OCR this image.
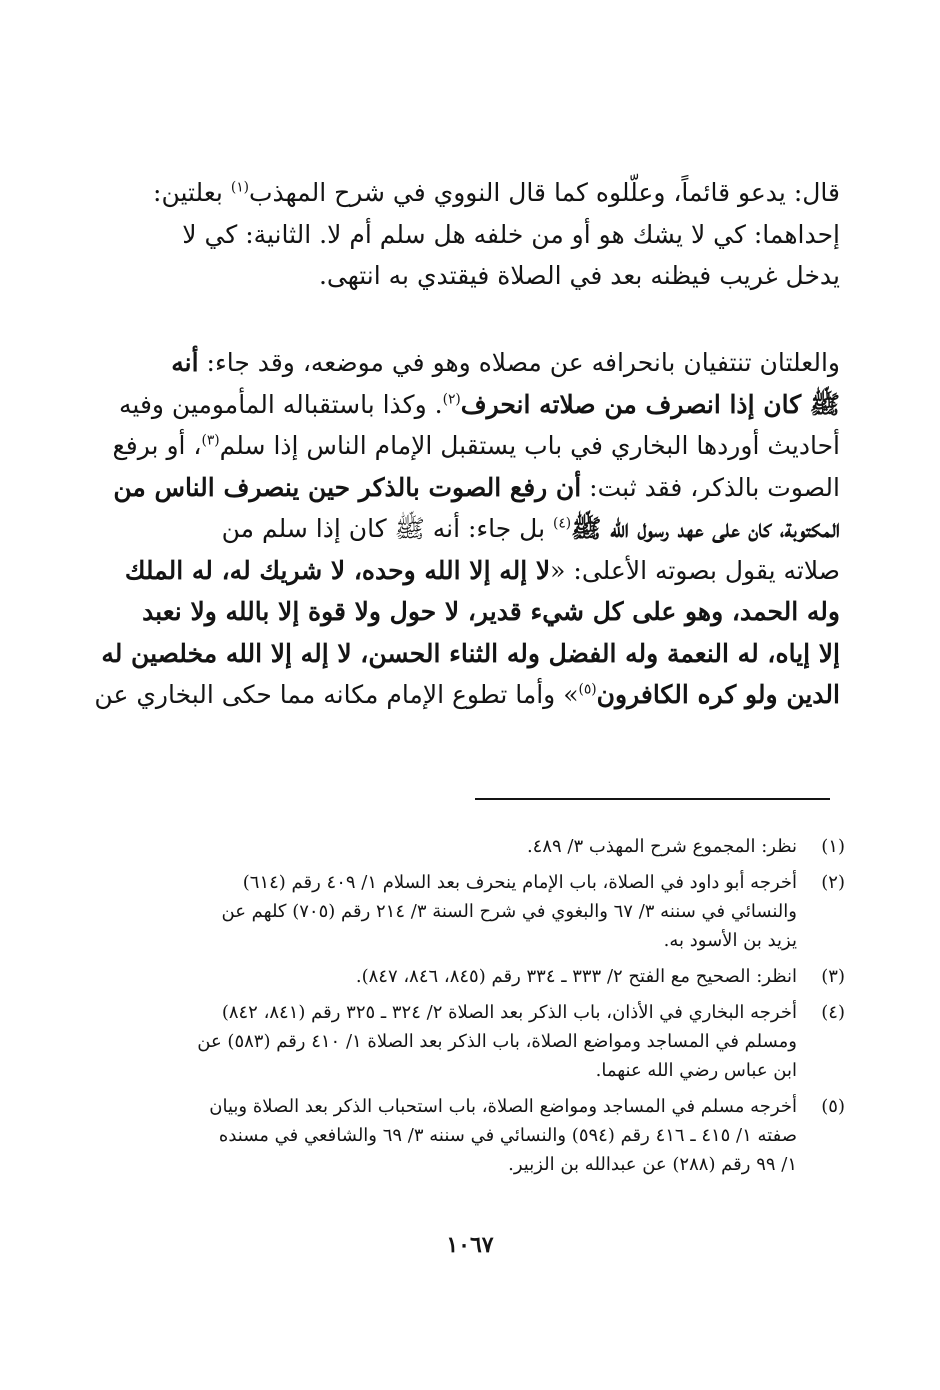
قال: يدعو قائماً، وعلّلوه كما قال النووي في شرح المهذب$^{(١)}$ بعلتين:
إحداهما: كي لا يشك هو أو من خلفه هل سلم أم لا. الثانية: كي لا
يدخل غريب فيظنه بعد في الصلاة فيقتدي به انتهى.
والعلتان تنتفيان بانحرافه عن مصلاه وهو في موضعه، وقد جاء: أنه
ﷺ كان إذا انصرف من صلاته انحرف$^{(٢)}$. وكذا باستقباله المأمومين وفيه
أحاديث أوردها البخاري في باب يستقبل الإمام الناس إذا سلم$^{(٣)}$، أو برفع
الصوت بالذكر، فقد ثبت: أن رفع الصوت بالذكر حين ينصرف الناس من
المكتوبة، كان على عهد رسول الله ﷺ$^{(٤)}$ بل جاء: أنه ﷺ كان إذا سلم من
صلاته يقول بصوته الأعلى: «لا إله إلا الله وحده، لا شريك له، له الملك
وله الحمد، وهو على كل شيء قدير، لا حول ولا قوة إلا بالله ولا نعبد
إلا إياه، له النعمة وله الفضل وله الثناء الحسن، لا إله إلا الله مخلصين له
الدين ولو كره الكافرون$^{(٥)}$» وأما تطوع الإمام مكانه مما حكى البخاري عن
(١)
نظر: المجموع شرح المهذب ٣/ ٤٨٩.
(٢)
أخرجه أبو داود في الصلاة، باب الإمام ينحرف بعد السلام ١/ ٤٠٩ رقم (٦١٤)
والنسائي في سننه ٣/ ٦٧ والبغوي في شرح السنة ٣/ ٢١٤ رقم (٧٠٥) كلهم عن
يزيد بن الأسود به.
(٣)
انظر: الصحيح مع الفتح ٢/ ٣٣٣ ـ ٣٣٤ رقم (٨٤٥، ٨٤٦، ٨٤٧).
(٤)
أخرجه البخاري في الأذان، باب الذكر بعد الصلاة ٢/ ٣٢٤ ـ ٣٢٥ رقم (٨٤١، ٨٤٢)
ومسلم في المساجد ومواضع الصلاة، باب الذكر بعد الصلاة ١/ ٤١٠ رقم (٥٨٣) عن
ابن عباس رضي الله عنهما.
(٥)
أخرجه مسلم في المساجد ومواضع الصلاة، باب استحباب الذكر بعد الصلاة وبيان
صفته ١/ ٤١٥ ـ ٤١٦ رقم (٥٩٤) والنسائي في سننه ٣/ ٦٩ والشافعي في مسنده
١/ ٩٩ رقم (٢٨٨) عن عبدالله بن الزبير.
١٠٦٧
